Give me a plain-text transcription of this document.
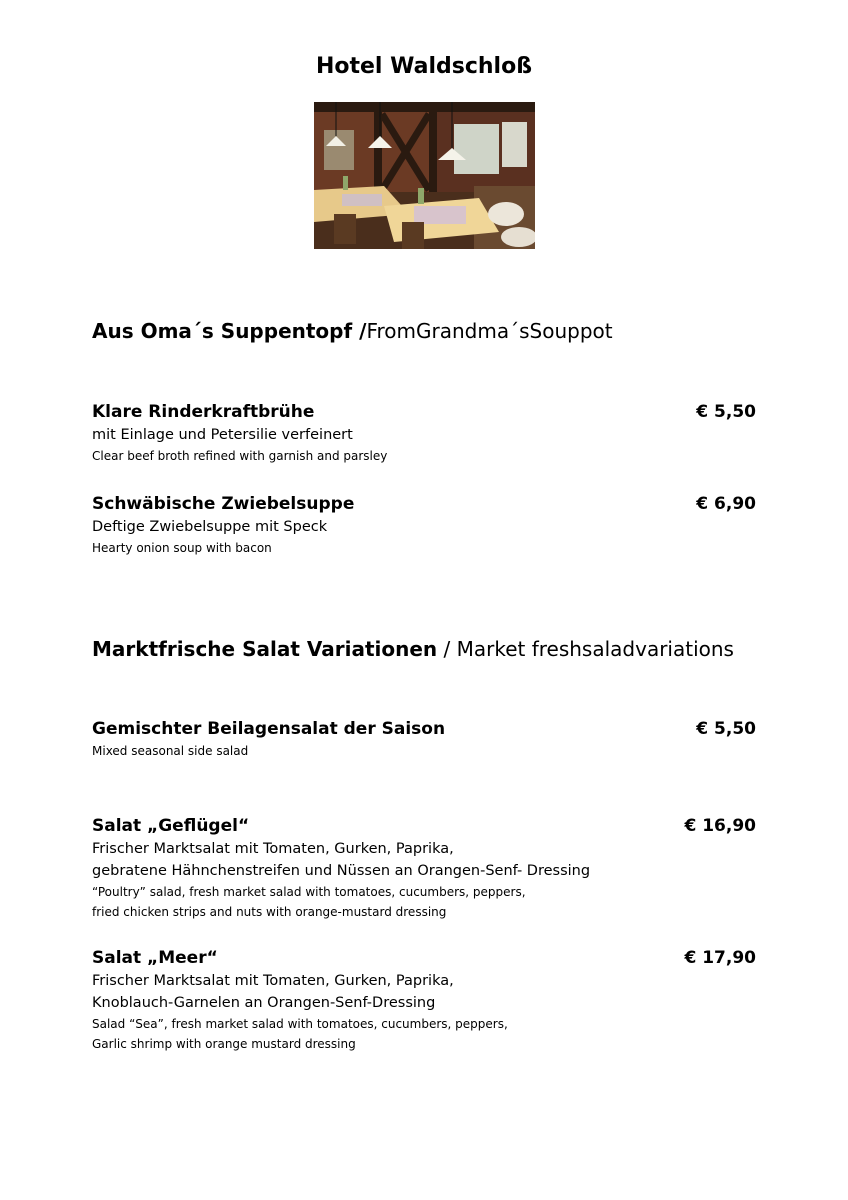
Hotel Waldschloß
Aus Oma´s Suppentopf /FromGrandma´sSouppot
Klare Rinderkraftbrühe	€ 5,50
mit Einlage und Petersilie verfeinert
Clear beef broth refined with garnish and parsley
Schwäbische Zwiebelsuppe	€ 6,90
Deftige Zwiebelsuppe mit Speck
Hearty onion soup with bacon
Marktfrische Salat Variationen / Market freshsaladvariations
Gemischter Beilagensalat der Saison	€ 5,50
Mixed seasonal side salad
Salat „Geflügel“	€ 16,90
Frischer Marktsalat mit Tomaten, Gurken, Paprika,
gebratene Hähnchenstreifen und Nüssen an Orangen-Senf- Dressing
“Poultry” salad, fresh market salad with tomatoes, cucumbers, peppers,
fried chicken strips and nuts with orange-mustard dressing
Salat „Meer“	€ 17,90
Frischer Marktsalat mit Tomaten, Gurken, Paprika,
Knoblauch-Garnelen an Orangen-Senf-Dressing
Salad “Sea”, fresh market salad with tomatoes, cucumbers, peppers,
Garlic shrimp with orange mustard dressing
